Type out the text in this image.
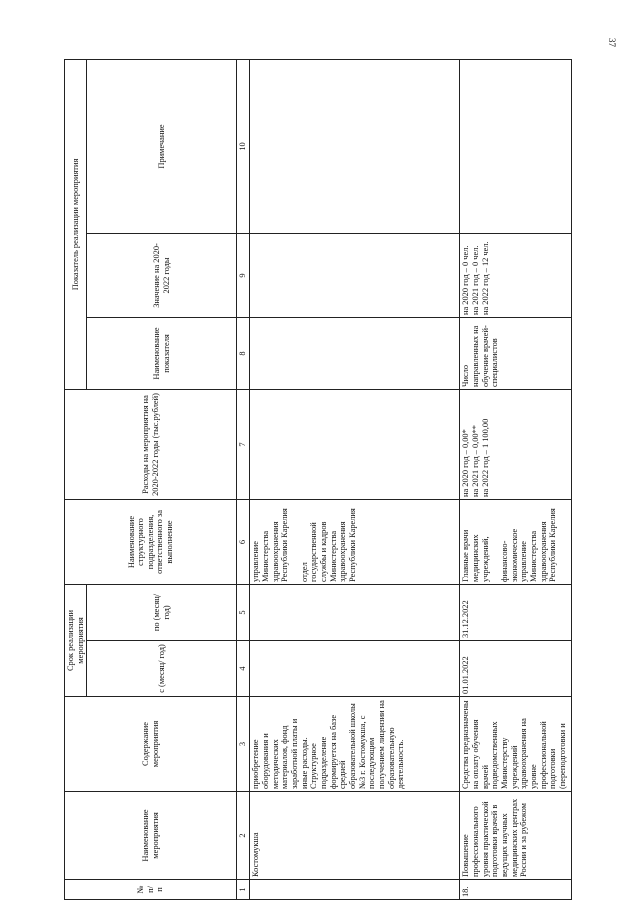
37
№
п/
п	Наименование мероприятия	Содержание мероприятия	Срок реализации мероприятия		Наименование структурного подразделения, ответственного за выполнение	Расходы на мероприятия на 2020-2022 годы (тыс.рублей)	Показатель реализации мероприятия		
			с (месяц/ год)	по (месяц/ год)			Наименование показателя	Значение на 2020-2022 годы	Примечание
1	2	3	4	5	6	7	8	9	10
	Костомукша	приобретение оборудования и методических материалов, фонд заработной платы и иные расходы. Структурное подразделение формируется на базе средней образовательной школы №3 г. Костомукша, с последующим получением лицензии на образовательную деятельность.			управление Министерства здравоохранения Республики Карелия

отдел государственной службы и кадров Министерства здравоохранения Республики Карелия				
18.	Повышение профессионального уровня практической подготовки врачей в ведущих научных медицинских центрах России и за рубежом	Средства предназначены на оплату обучения врачей подведомственных Министерству учреждений здравоохранения на уровне профессиональной подготовки (переподготовки и	01.01.2022	31.12.2022	Главные врачи медицинских учреждений,

финансово-экономическое управление Министерства здравоохранения Республики Карелия	на 2020 год – 0,00*
на 2021 год – 0,00**
на 2022 год – 1 100,00	Число направленных на обучение врачей-специалистов	на 2020 год – 0 чел.
на 2021 год – 0 чел.
на 2022 год – 12 чел.	
